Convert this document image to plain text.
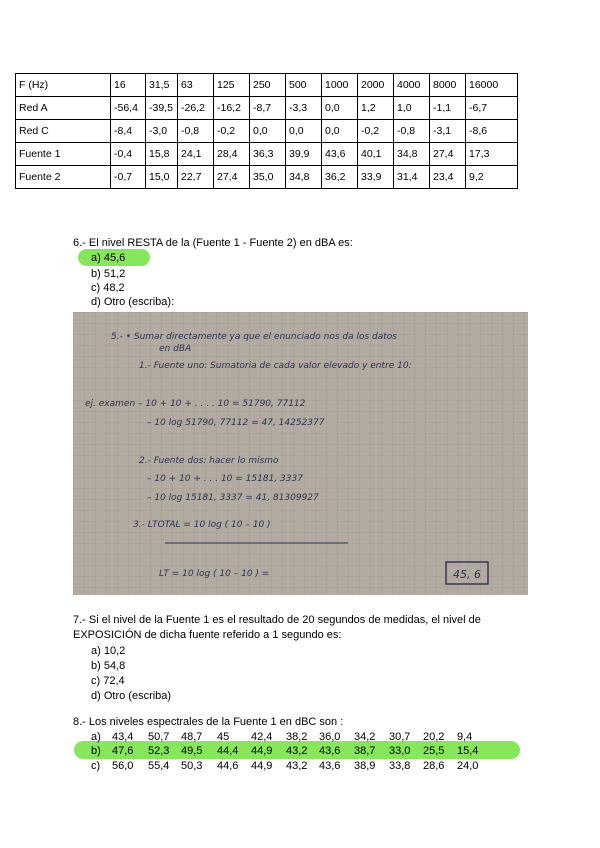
F (Hz)	16	31,5	63	125	250	500	1000	2000	4000	8000	16000
Red A	-56,4	-39,5	-26,2	-16,2	-8,7	-3,3	0,0	1,2	1,0	-1,1	-6,7
Red C	-8,4	-3,0	-0,8	-0,2	0,0	0,0	0,0	-0,2	-0,8	-3,1	-8,6
Fuente 1	-0,4	15,8	24,1	28,4	36,3	39,9	43,6	40,1	34,8	27,4	17,3
Fuente 2	-0,7	15,0	22,7	27,4	35,0	34,8	36,2	33,9	31,4	23,4	9,2
6.- El nivel RESTA de la (Fuente 1 - Fuente 2) en dBA es:
a) 45,6
b) 51,2
c) 48,2
d) Otro (escriba):
5.- • Sumar directamente ya que el enunciado nos da los datos
en dBA
1.- Fuente uno: Sumatoria de cada valor elevado y entre 10:
ej. examen – 10 + 10 + . . . . 10 = 51790, 77112
– 10 log 51790, 77112 = 47, 14252377
2.- Fuente dos: hacer lo mismo
– 10 + 10 + . . . 10 = 15181, 3337
– 10 log 15181, 3337 = 41, 81309927
3.- LTOTAL = 10 log ( 10 – 10 )
LT = 10 log ( 10 – 10 ) =	45, 6
7.- Si el nivel de la Fuente 1 es el resultado de 20 segundos de medidas, el nivel de
EXPOSICIÓN de dicha fuente referido a 1 segundo es:
a) 10,2
b) 54,8
c) 72,4
d) Otro (escriba)
8.- Los niveles espectrales de la Fuente 1 en dBC son :
a) 43,4 50,7 48,7 45 42,4 38,2 36,0 34,2 30,7 20,2 9,4
b) 47,6 52,3 49,5 44,4 44,9 43,2 43,6 38,7 33,0 25,5 15,4
c) 56,0 55,4 50,3 44,6 44,9 43,2 43,6 38,9 33,8 28,6 24,0
